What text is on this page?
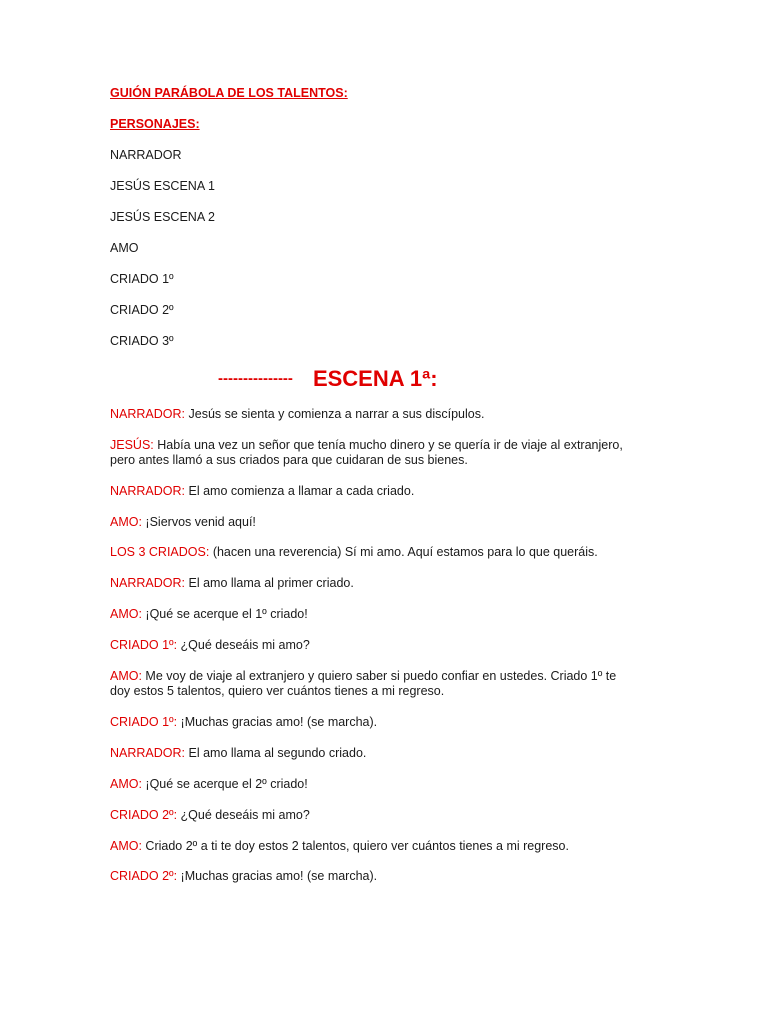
GUIÓN PARÁBOLA DE LOS TALENTOS:
PERSONAJES:
NARRADOR
JESÚS ESCENA 1
JESÚS ESCENA 2
AMO
CRIADO 1º
CRIADO 2º
CRIADO 3º
--------------- ESCENA 1ª:
NARRADOR: Jesús se sienta y comienza a narrar a sus discípulos.
JESÚS: Había una vez un señor que tenía mucho dinero y se quería ir de viaje al extranjero,
pero antes llamó a sus criados para que cuidaran de sus bienes.
NARRADOR: El amo comienza a llamar a cada criado.
AMO: ¡Siervos venid aquí!
LOS 3 CRIADOS: (hacen una reverencia) Sí mi amo. Aquí estamos para lo que queráis.
NARRADOR: El amo llama al primer criado.
AMO: ¡Qué se acerque el 1º criado!
CRIADO 1º: ¿Qué deseáis mi amo?
AMO: Me voy de viaje al extranjero y quiero saber si puedo confiar en ustedes. Criado 1º te
doy estos 5 talentos, quiero ver cuántos tienes a mi regreso.
CRIADO 1º: ¡Muchas gracias amo! (se marcha).
NARRADOR: El amo llama al segundo criado.
AMO: ¡Qué se acerque el 2º criado!
CRIADO 2º: ¿Qué deseáis mi amo?
AMO: Criado 2º a ti te doy estos 2 talentos, quiero ver cuántos tienes a mi regreso.
CRIADO 2º: ¡Muchas gracias amo! (se marcha).
